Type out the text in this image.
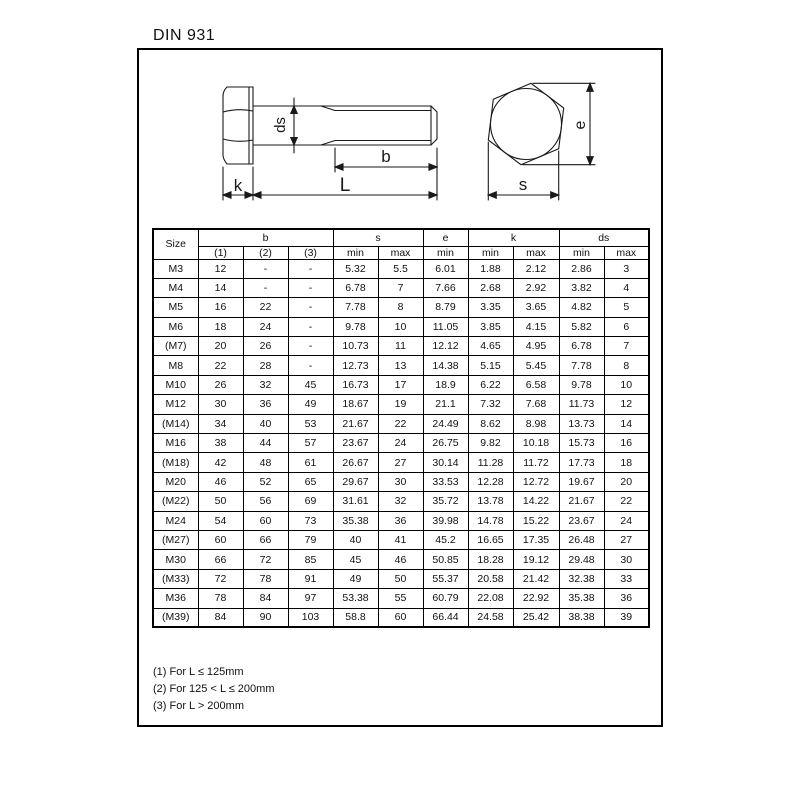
DIN 931
ds
b
k	L
e
s
Size	b			s		e	k		ds	
	(1)	(2)	(3)	min	max	min	min	max	min	max
M3	12	-	-	5.32	5.5	6.01	1.88	2.12	2.86	3
M4	14	-	-	6.78	7	7.66	2.68	2.92	3.82	4
M5	16	22	-	7.78	8	8.79	3.35	3.65	4.82	5
M6	18	24	-	9.78	10	11.05	3.85	4.15	5.82	6
(M7)	20	26	-	10.73	11	12.12	4.65	4.95	6.78	7
M8	22	28	-	12.73	13	14.38	5.15	5.45	7.78	8
M10	26	32	45	16.73	17	18.9	6.22	6.58	9.78	10
M12	30	36	49	18.67	19	21.1	7.32	7.68	11.73	12
(M14)	34	40	53	21.67	22	24.49	8.62	8.98	13.73	14
M16	38	44	57	23.67	24	26.75	9.82	10.18	15.73	16
(M18)	42	48	61	26.67	27	30.14	11.28	11.72	17.73	18
M20	46	52	65	29.67	30	33.53	12.28	12.72	19.67	20
(M22)	50	56	69	31.61	32	35.72	13.78	14.22	21.67	22
M24	54	60	73	35.38	36	39.98	14.78	15.22	23.67	24
(M27)	60	66	79	40	41	45.2	16.65	17.35	26.48	27
M30	66	72	85	45	46	50.85	18.28	19.12	29.48	30
(M33)	72	78	91	49	50	55.37	20.58	21.42	32.38	33
M36	78	84	97	53.38	55	60.79	22.08	22.92	35.38	36
(M39)	84	90	103	58.8	60	66.44	24.58	25.42	38.38	39
(1) For L ≤ 125mm
(2) For 125 < L ≤ 200mm
(3) For L > 200mm
